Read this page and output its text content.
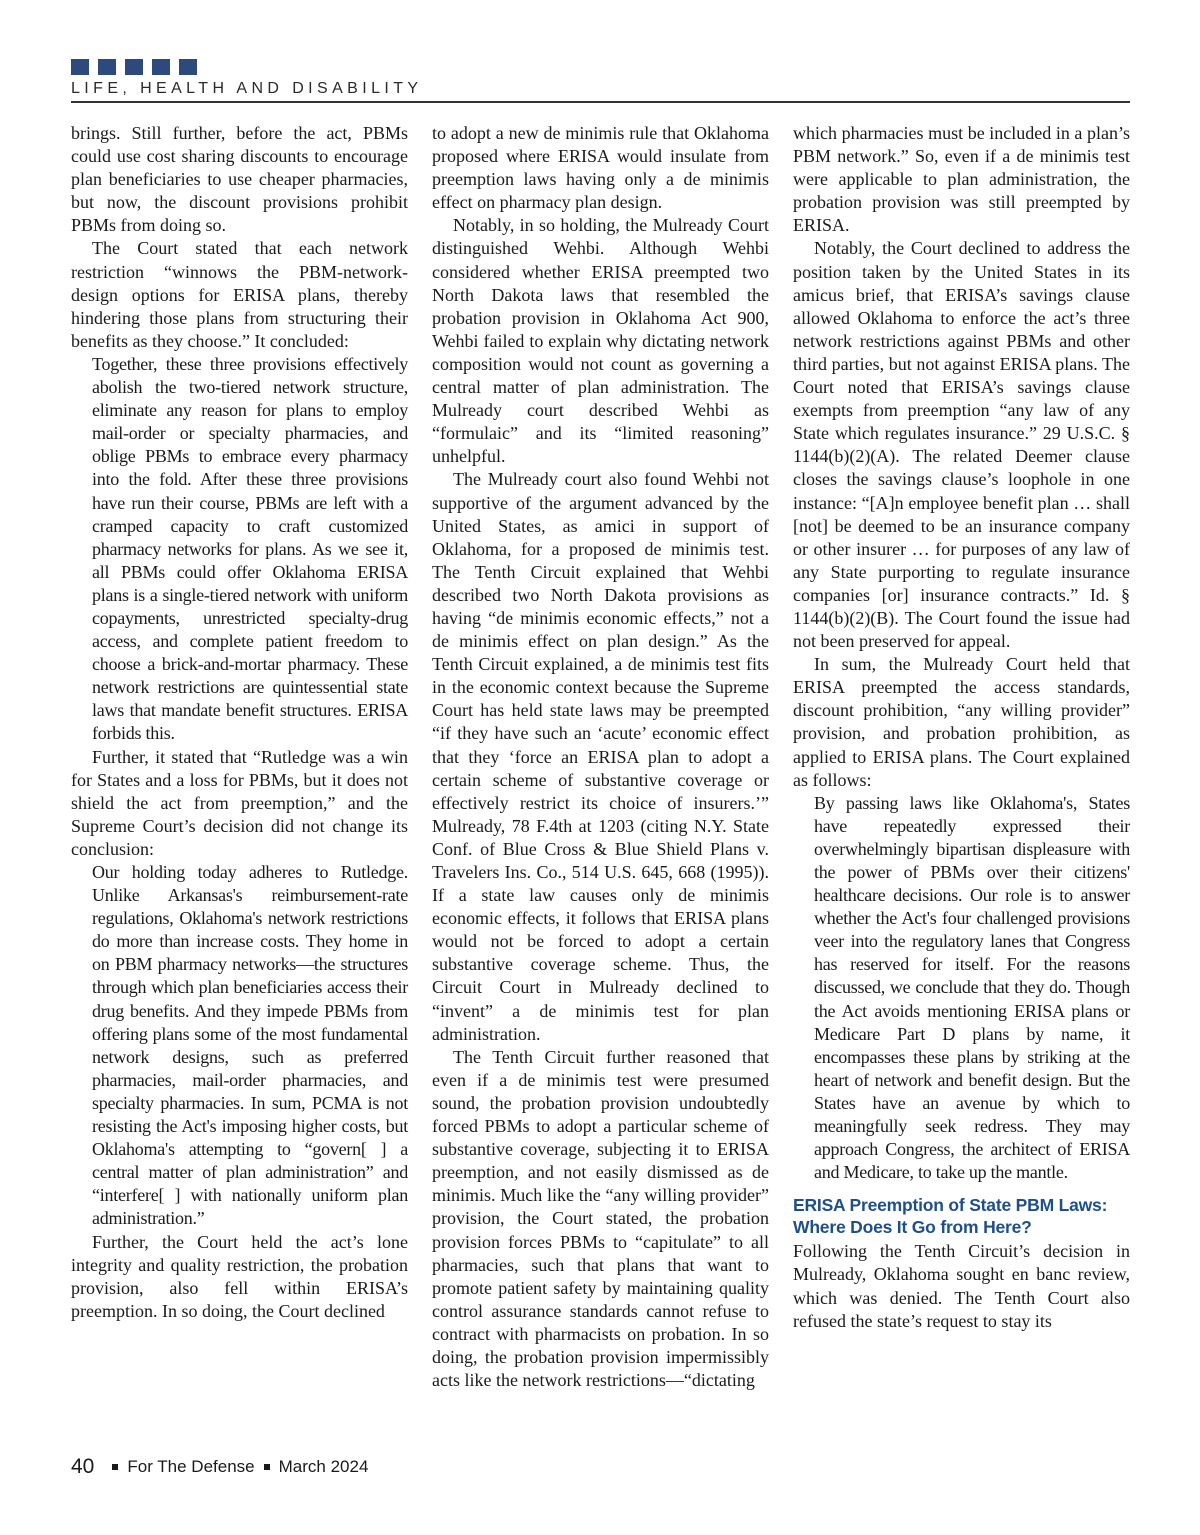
LIFE, HEALTH AND DISABILITY

brings. Still further, before the act, PBMs could use cost sharing discounts to encourage plan beneficiaries to use cheaper pharmacies, but now, the discount provisions prohibit PBMs from doing so.

The Court stated that each network restriction “winnows the PBM-network-design options for ERISA plans, thereby hindering those plans from structuring their benefits as they choose.” It concluded:

Together, these three provisions effectively abolish the two-tiered network structure, eliminate any reason for plans to employ mail-order or specialty pharmacies, and oblige PBMs to embrace every pharmacy into the fold. After these three provisions have run their course, PBMs are left with a cramped capacity to craft customized pharmacy networks for plans. As we see it, all PBMs could offer Oklahoma ERISA plans is a single-tiered network with uniform copayments, unrestricted specialty-drug access, and complete patient freedom to choose a brick-and-mortar pharmacy. These network restrictions are quintessential state laws that mandate benefit structures. ERISA forbids this.

Further, it stated that “Rutledge was a win for States and a loss for PBMs, but it does not shield the act from preemption,” and the Supreme Court’s decision did not change its conclusion:

Our holding today adheres to Rutledge. Unlike Arkansas's reimbursement-rate regulations, Oklahoma's network restrictions do more than increase costs. They home in on PBM pharmacy networks—the structures through which plan beneficiaries access their drug benefits. And they impede PBMs from offering plans some of the most fundamental network designs, such as preferred pharmacies, mail-order pharmacies, and specialty pharmacies. In sum, PCMA is not resisting the Act's imposing higher costs, but Oklahoma's attempting to “govern[ ] a central matter of plan administration” and “interfere[ ] with nationally uniform plan administration.”

Further, the Court held the act’s lone integrity and quality restriction, the probation provision, also fell within ERISA’s preemption. In so doing, the Court declined

to adopt a new de minimis rule that Oklahoma proposed where ERISA would insulate from preemption laws having only a de minimis effect on pharmacy plan design.

Notably, in so holding, the Mulready Court distinguished Wehbi. Although Wehbi considered whether ERISA preempted two North Dakota laws that resembled the probation provision in Oklahoma Act 900, Wehbi failed to explain why dictating network composition would not count as governing a central matter of plan administration. The Mulready court described Wehbi as “formulaic” and its “limited reasoning” unhelpful.

The Mulready court also found Wehbi not supportive of the argument advanced by the United States, as amici in support of Oklahoma, for a proposed de minimis test. The Tenth Circuit explained that Wehbi described two North Dakota provisions as having “de minimis economic effects,” not a de minimis effect on plan design.” As the Tenth Circuit explained, a de minimis test fits in the economic context because the Supreme Court has held state laws may be preempted “if they have such an ‘acute’ economic effect that they ‘force an ERISA plan to adopt a certain scheme of substantive coverage or effectively restrict its choice of insurers.’” Mulready, 78 F.4th at 1203 (citing N.Y. State Conf. of Blue Cross & Blue Shield Plans v. Travelers Ins. Co., 514 U.S. 645, 668 (1995)). If a state law causes only de minimis economic effects, it follows that ERISA plans would not be forced to adopt a certain substantive coverage scheme. Thus, the Circuit Court in Mulready declined to “invent” a de minimis test for plan administration.

The Tenth Circuit further reasoned that even if a de minimis test were presumed sound, the probation provision undoubtedly forced PBMs to adopt a particular scheme of substantive coverage, subjecting it to ERISA preemption, and not easily dismissed as de minimis. Much like the “any willing provider” provision, the Court stated, the probation provision forces PBMs to “capitulate” to all pharmacies, such that plans that want to promote patient safety by maintaining quality control assurance standards cannot refuse to contract with pharmacists on probation. In so doing, the probation provision impermissibly acts like the network restrictions—“dictating

which pharmacies must be included in a plan’s PBM network.” So, even if a de minimis test were applicable to plan administration, the probation provision was still preempted by ERISA.

Notably, the Court declined to address the position taken by the United States in its amicus brief, that ERISA’s savings clause allowed Oklahoma to enforce the act’s three network restrictions against PBMs and other third parties, but not against ERISA plans. The Court noted that ERISA’s savings clause exempts from preemption “any law of any State which regulates insurance.” 29 U.S.C. § 1144(b)(2)(A). The related Deemer clause closes the savings clause’s loophole in one instance: “[A]n employee benefit plan … shall [not] be deemed to be an insurance company or other insurer … for purposes of any law of any State purporting to regulate insurance companies [or] insurance contracts.” Id. § 1144(b)(2)(B). The Court found the issue had not been preserved for appeal.

In sum, the Mulready Court held that ERISA preempted the access standards, discount prohibition, “any willing provider” provision, and probation prohibition, as applied to ERISA plans. The Court explained as follows:

By passing laws like Oklahoma's, States have repeatedly expressed their overwhelmingly bipartisan displeasure with the power of PBMs over their citizens' healthcare decisions. Our role is to answer whether the Act's four challenged provisions veer into the regulatory lanes that Congress has reserved for itself. For the reasons discussed, we conclude that they do. Though the Act avoids mentioning ERISA plans or Medicare Part D plans by name, it encompasses these plans by striking at the heart of network and benefit design. But the States have an avenue by which to meaningfully seek redress. They may approach Congress, the architect of ERISA and Medicare, to take up the mantle.

ERISA Preemption of State PBM Laws: Where Does It Go from Here?

Following the Tenth Circuit’s decision in Mulready, Oklahoma sought en banc review, which was denied. The Tenth Court also refused the state’s request to stay its

40 For The Defense March 2024
